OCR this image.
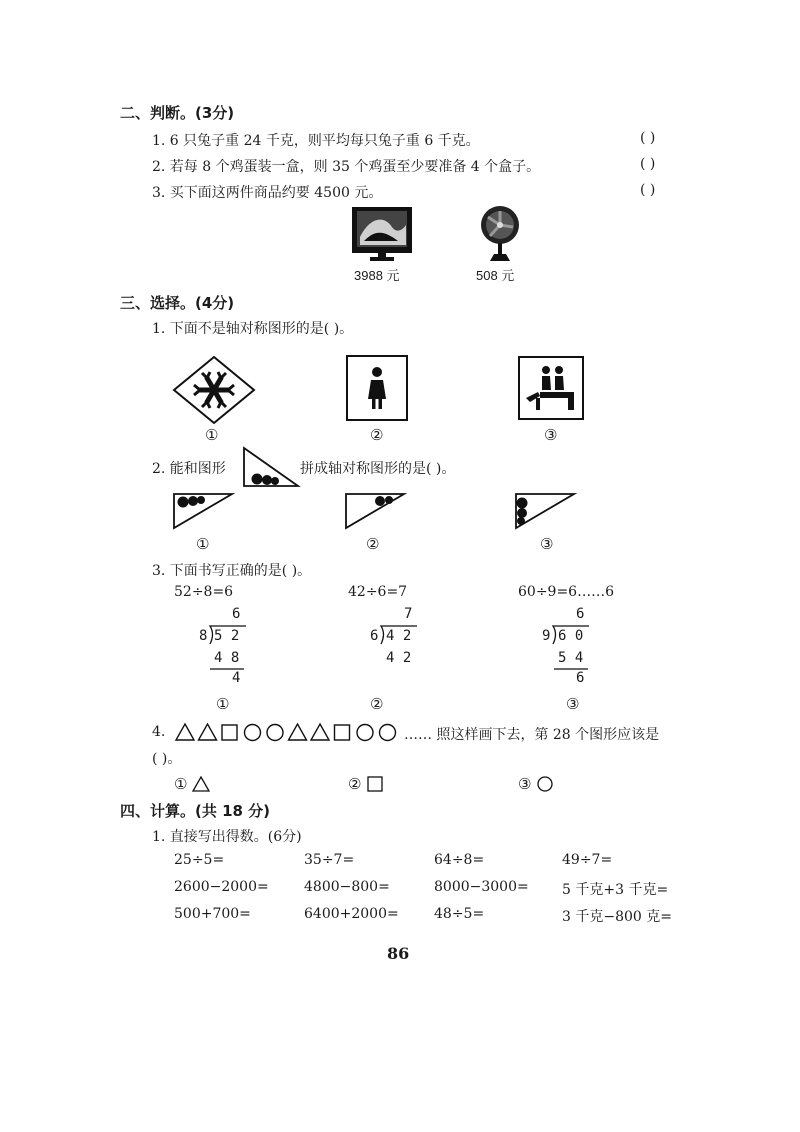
二、判断。(3分)
1. 6 只兔子重 24 千克，则平均每只兔子重 6 千克。	( )
2. 若每 8 个鸡蛋装一盒，则 35 个鸡蛋至少要准备 4 个盒子。	( )
3. 买下面这两件商品约要 4500 元。	( )
3988 元	508 元
三、选择。(4分)
1. 下面不是轴对称图形的是( )。
①	②	③
2. 能和图形	拼成轴对称图形的是( )。
①	②	③
3. 下面书写正确的是( )。
52÷8=6	42÷6=7	60÷9=6……6
6
8 5 2
4 8
4
①
7
6 4 2
4 2
②
6
9 6 0
5 4
6
③
4.	…… 照这样画下去，第 28 个图形应该是
( )。
①	②	③
四、计算。(共 18 分)
1. 直接写出得数。(6分)
25÷5=	35÷7=	64÷8=	49÷7=
2600−2000=	4800−800=	8000−3000= 5 千克+3 千克=
500+700=	6400+2000=	48÷5=	3 千克−800 克=
86
